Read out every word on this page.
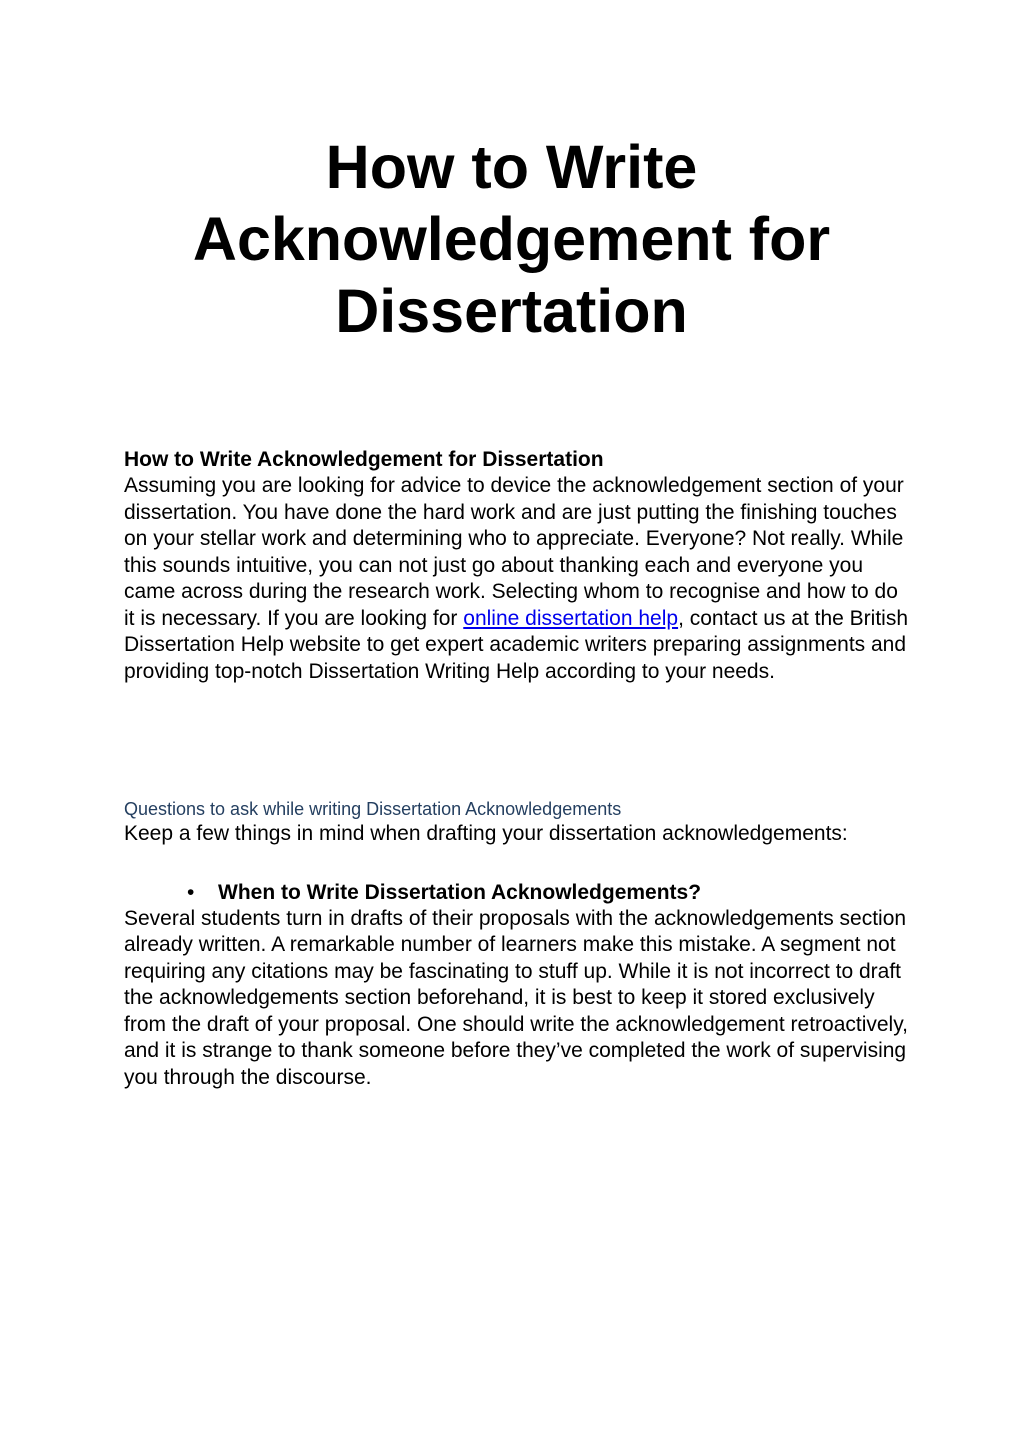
How to Write Acknowledgement for Dissertation
How to Write Acknowledgement for Dissertation

Assuming you are looking for advice to device the acknowledgement section of your dissertation. You have done the hard work and are just putting the finishing touches on your stellar work and determining who to appreciate. Everyone? Not really. While this sounds intuitive, you can not just go about thanking each and everyone you came across during the research work. Selecting whom to recognise and how to do it is necessary. If you are looking for online dissertation help, contact us at the British Dissertation Help website to get expert academic writers preparing assignments and providing top-notch Dissertation Writing Help according to your needs.

Questions to ask while writing Dissertation Acknowledgements

Keep a few things in mind when drafting your dissertation acknowledgements:

• When to Write Dissertation Acknowledgements?

Several students turn in drafts of their proposals with the acknowledgements section already written. A remarkable number of learners make this mistake. A segment not requiring any citations may be fascinating to stuff up. While it is not incorrect to draft the acknowledgements section beforehand, it is best to keep it stored exclusively from the draft of your proposal. One should write the acknowledgement retroactively, and it is strange to thank someone before they’ve completed the work of supervising you through the discourse.
